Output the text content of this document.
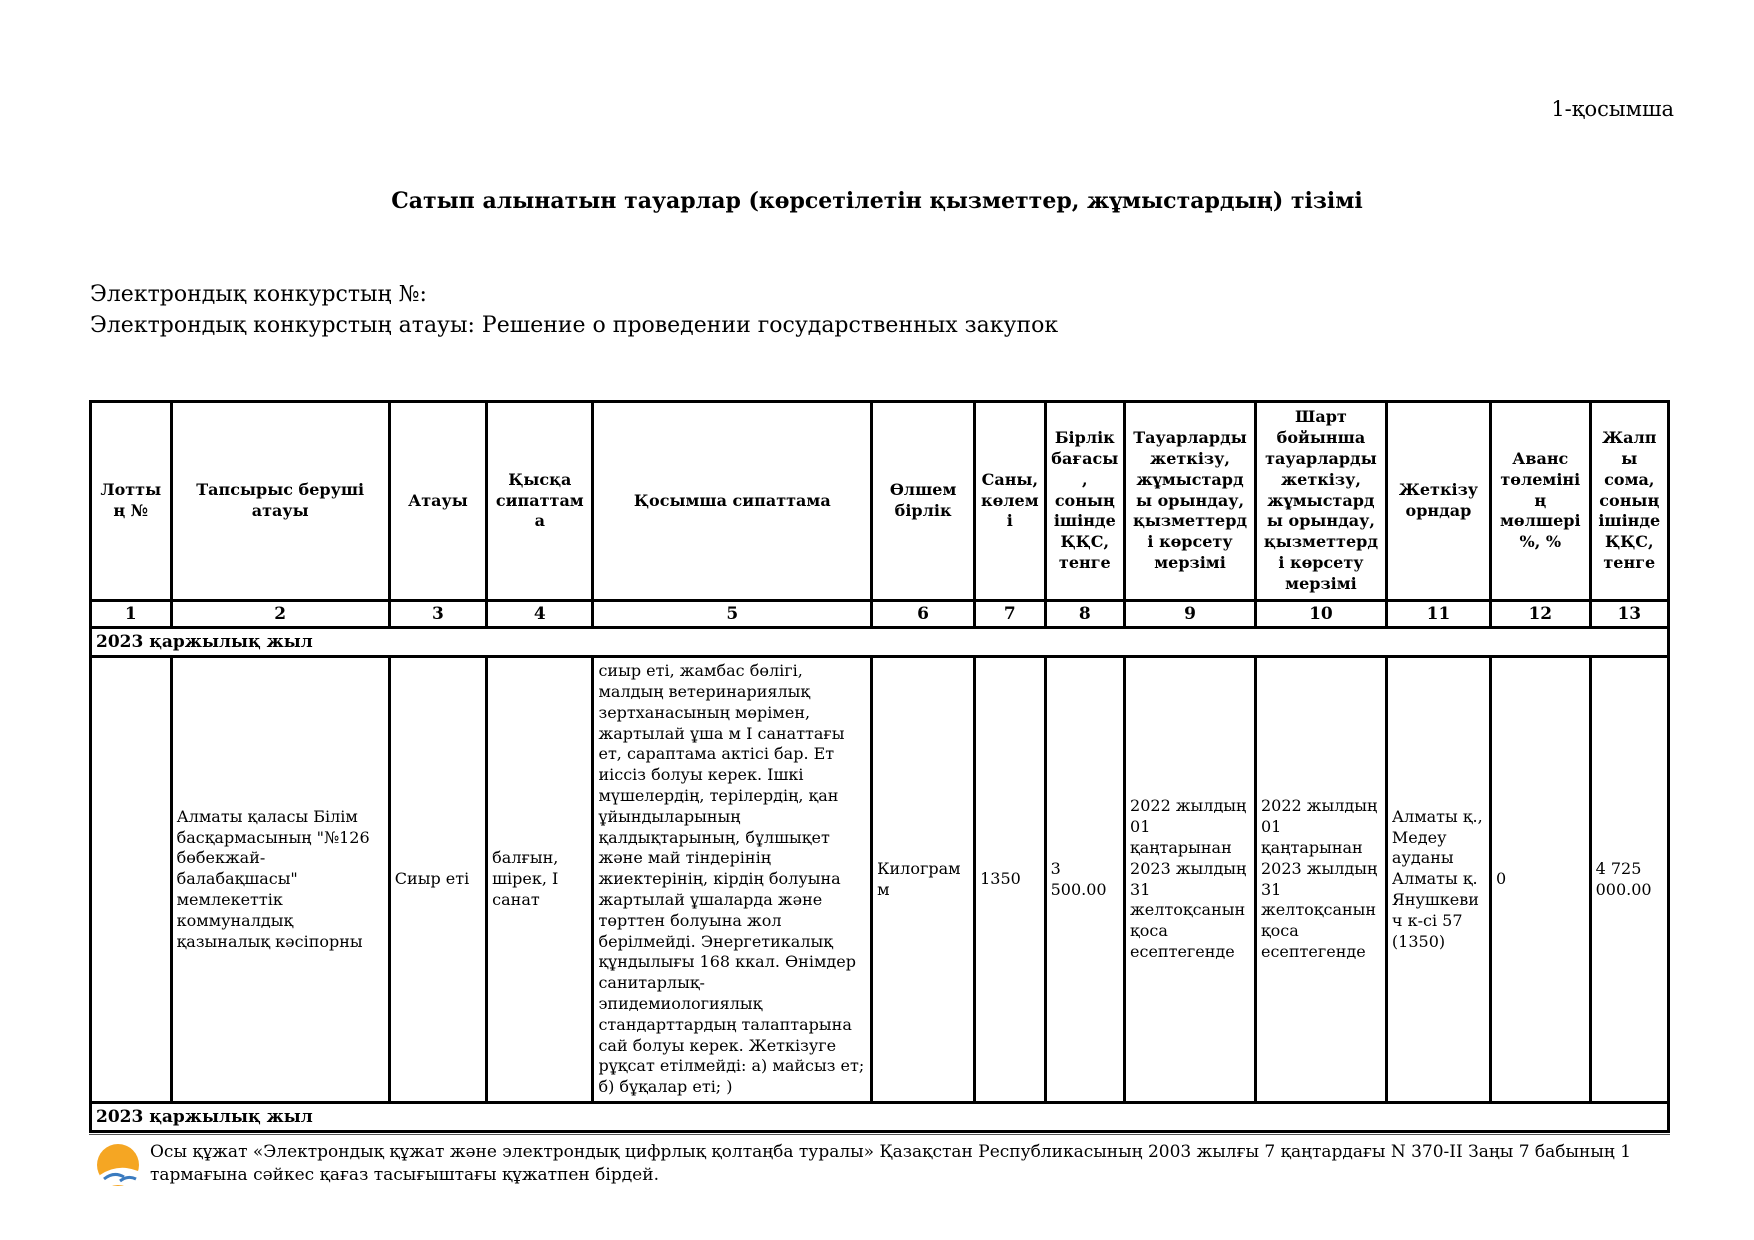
1-қосымша
Сатып алынатын тауарлар (көрсетілетін қызметтер, жұмыстардың) тізімі
Электрондық конкурстың №:
Электрондық конкурстың атауы: Решение о проведении государственных закупок
Лоттың №	Тапсырыс беруші атауы	Атауы	Қысқа сипаттама	Қосымша сипаттама	Өлшем бірлік	Саны, көлемі	Бірлік бағасы, соның ішінде ҚҚС, тенге	Тауарларды жеткізу, жұмыстарды орындау, қызметтерді көрсету мерзімі	Шарт бойынша тауарларды жеткізу, жұмыстарды орындау, қызметтерді көрсету мерзімі	Жеткізу орндар	Аванс төлемінің мөлшері %, %	Жалпы сома, соның ішінде ҚҚС, тенге
1	2	3	4	5	6	7	8	9	10	11	12	13
2023 қаржылық жыл												
	Алматы қаласы Білім басқармасының "№126 бөбекжай-балабақшасы" мемлекеттік коммуналдық қазыналық кәсіпорны	Сиыр еті	балғын, шірек, I санат	сиыр еті, жамбас бөлігі, малдың ветеринариялық зертханасының мөрімен, жартылай ұша м І санаттағы ет, сараптама актісі бар. Ет иіссіз болуы керек. Ішкі мүшелердің, терілердің, қан ұйындыларының қалдықтарының, бұлшықет және май тіндерінің жиектерінің, кірдің болуына жартылай ұшаларда және төрттен болуына жол берілмейді. Энергетикалық құндылығы 168 ккал. Өнімдер санитарлық-эпидемиологиялық стандарттардың талаптарына сай болуы керек. Жеткізуге рұқсат етілмейді: а) майсыз ет; б) бұқалар еті; )	Килограмм	1350	3 500.00	2022 жылдың 01 қаңтарынан 2023 жылдың 31 желтоқсанын қоса есептегенде	2022 жылдың 01 қаңтарынан 2023 жылдың 31 желтоқсанын қоса есептегенде	Алматы қ., Медеу ауданы Алматы қ. Янушкевич к-сі 57 (1350)	0	4 725 000.00
2023 қаржылық жыл												
Осы құжат «Электрондық құжат және электрондық цифрлық қолтаңба туралы» Қазақстан Республикасының 2003 жылғы 7 қаңтардағы N 370-II Заңы 7 бабының 1 тармағына сәйкес қағаз тасығыштағы құжатпен бірдей.
